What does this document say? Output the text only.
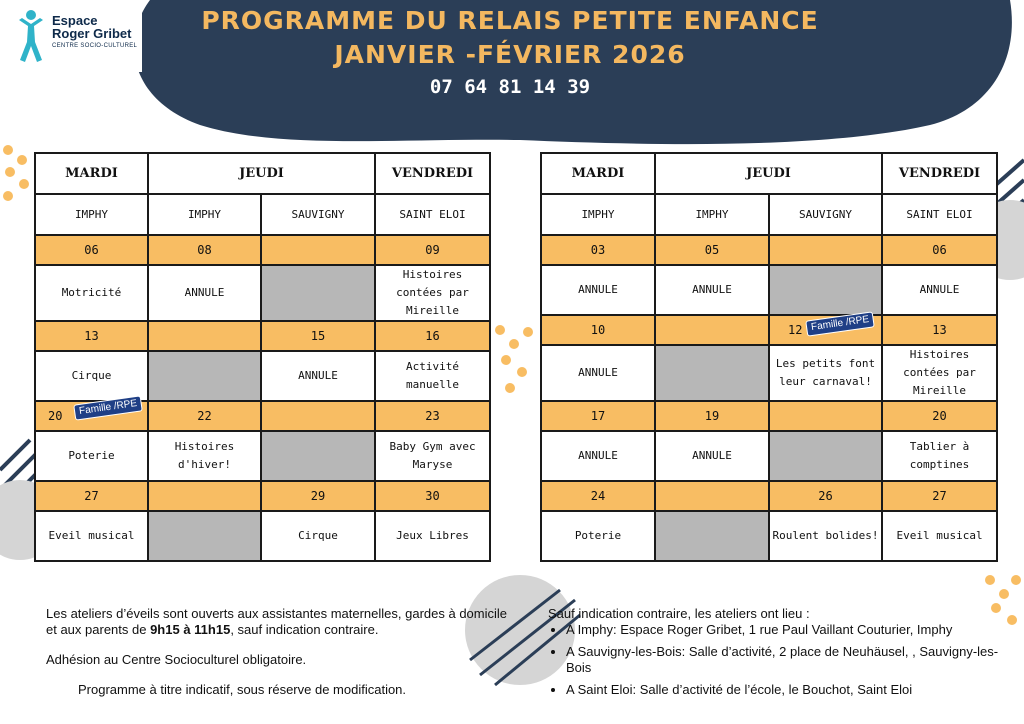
Espace
Roger Gribet
CENTRE SOCIO-CULTUREL
PROGRAMME DU RELAIS PETITE ENFANCE
JANVIER -FÉVRIER 2026
07 64 81 14 39
MARDI	JEUDI		VENDREDI
IMPHY	IMPHY	SAUVIGNY	SAINT ELOI
06	08		09
Motricité	ANNULE		Histoires contées par Mireille
13		15	16
Cirque		ANNULE	Activité manuelle
20 Famille /RPE	22		23
Poterie	Histoires d'hiver!		Baby Gym avec Maryse
27		29	30
Eveil musical		Cirque	Jeux Libres
MARDI	JEUDI		VENDREDI
IMPHY	IMPHY	SAUVIGNY	SAINT ELOI
03	05		06
ANNULE	ANNULE		ANNULE
10		12 Famille /RPE	13
ANNULE		Les petits font leur carnaval!	Histoires contées par Mireille
17	19		20
ANNULE	ANNULE		Tablier à comptines
24		26	27
Poterie		Roulent bolides!	Eveil musical
Les ateliers d’éveils sont ouverts aux assistantes maternelles, gardes à domicile et aux parents de 9h15 à 11h15, sauf indication contraire.
Adhésion au Centre Socioculturel obligatoire.
Programme à titre indicatif, sous réserve de modification.
Sauf indication contraire, les ateliers ont lieu :
• A Imphy: Espace Roger Gribet, 1 rue Paul Vaillant Couturier, Imphy
• A Sauvigny-les-Bois: Salle d’activité, 2 place de Neuhäusel, , Sauvigny-les-Bois
• A Saint Eloi: Salle d’activité de l’école, le Bouchot, Saint Eloi
